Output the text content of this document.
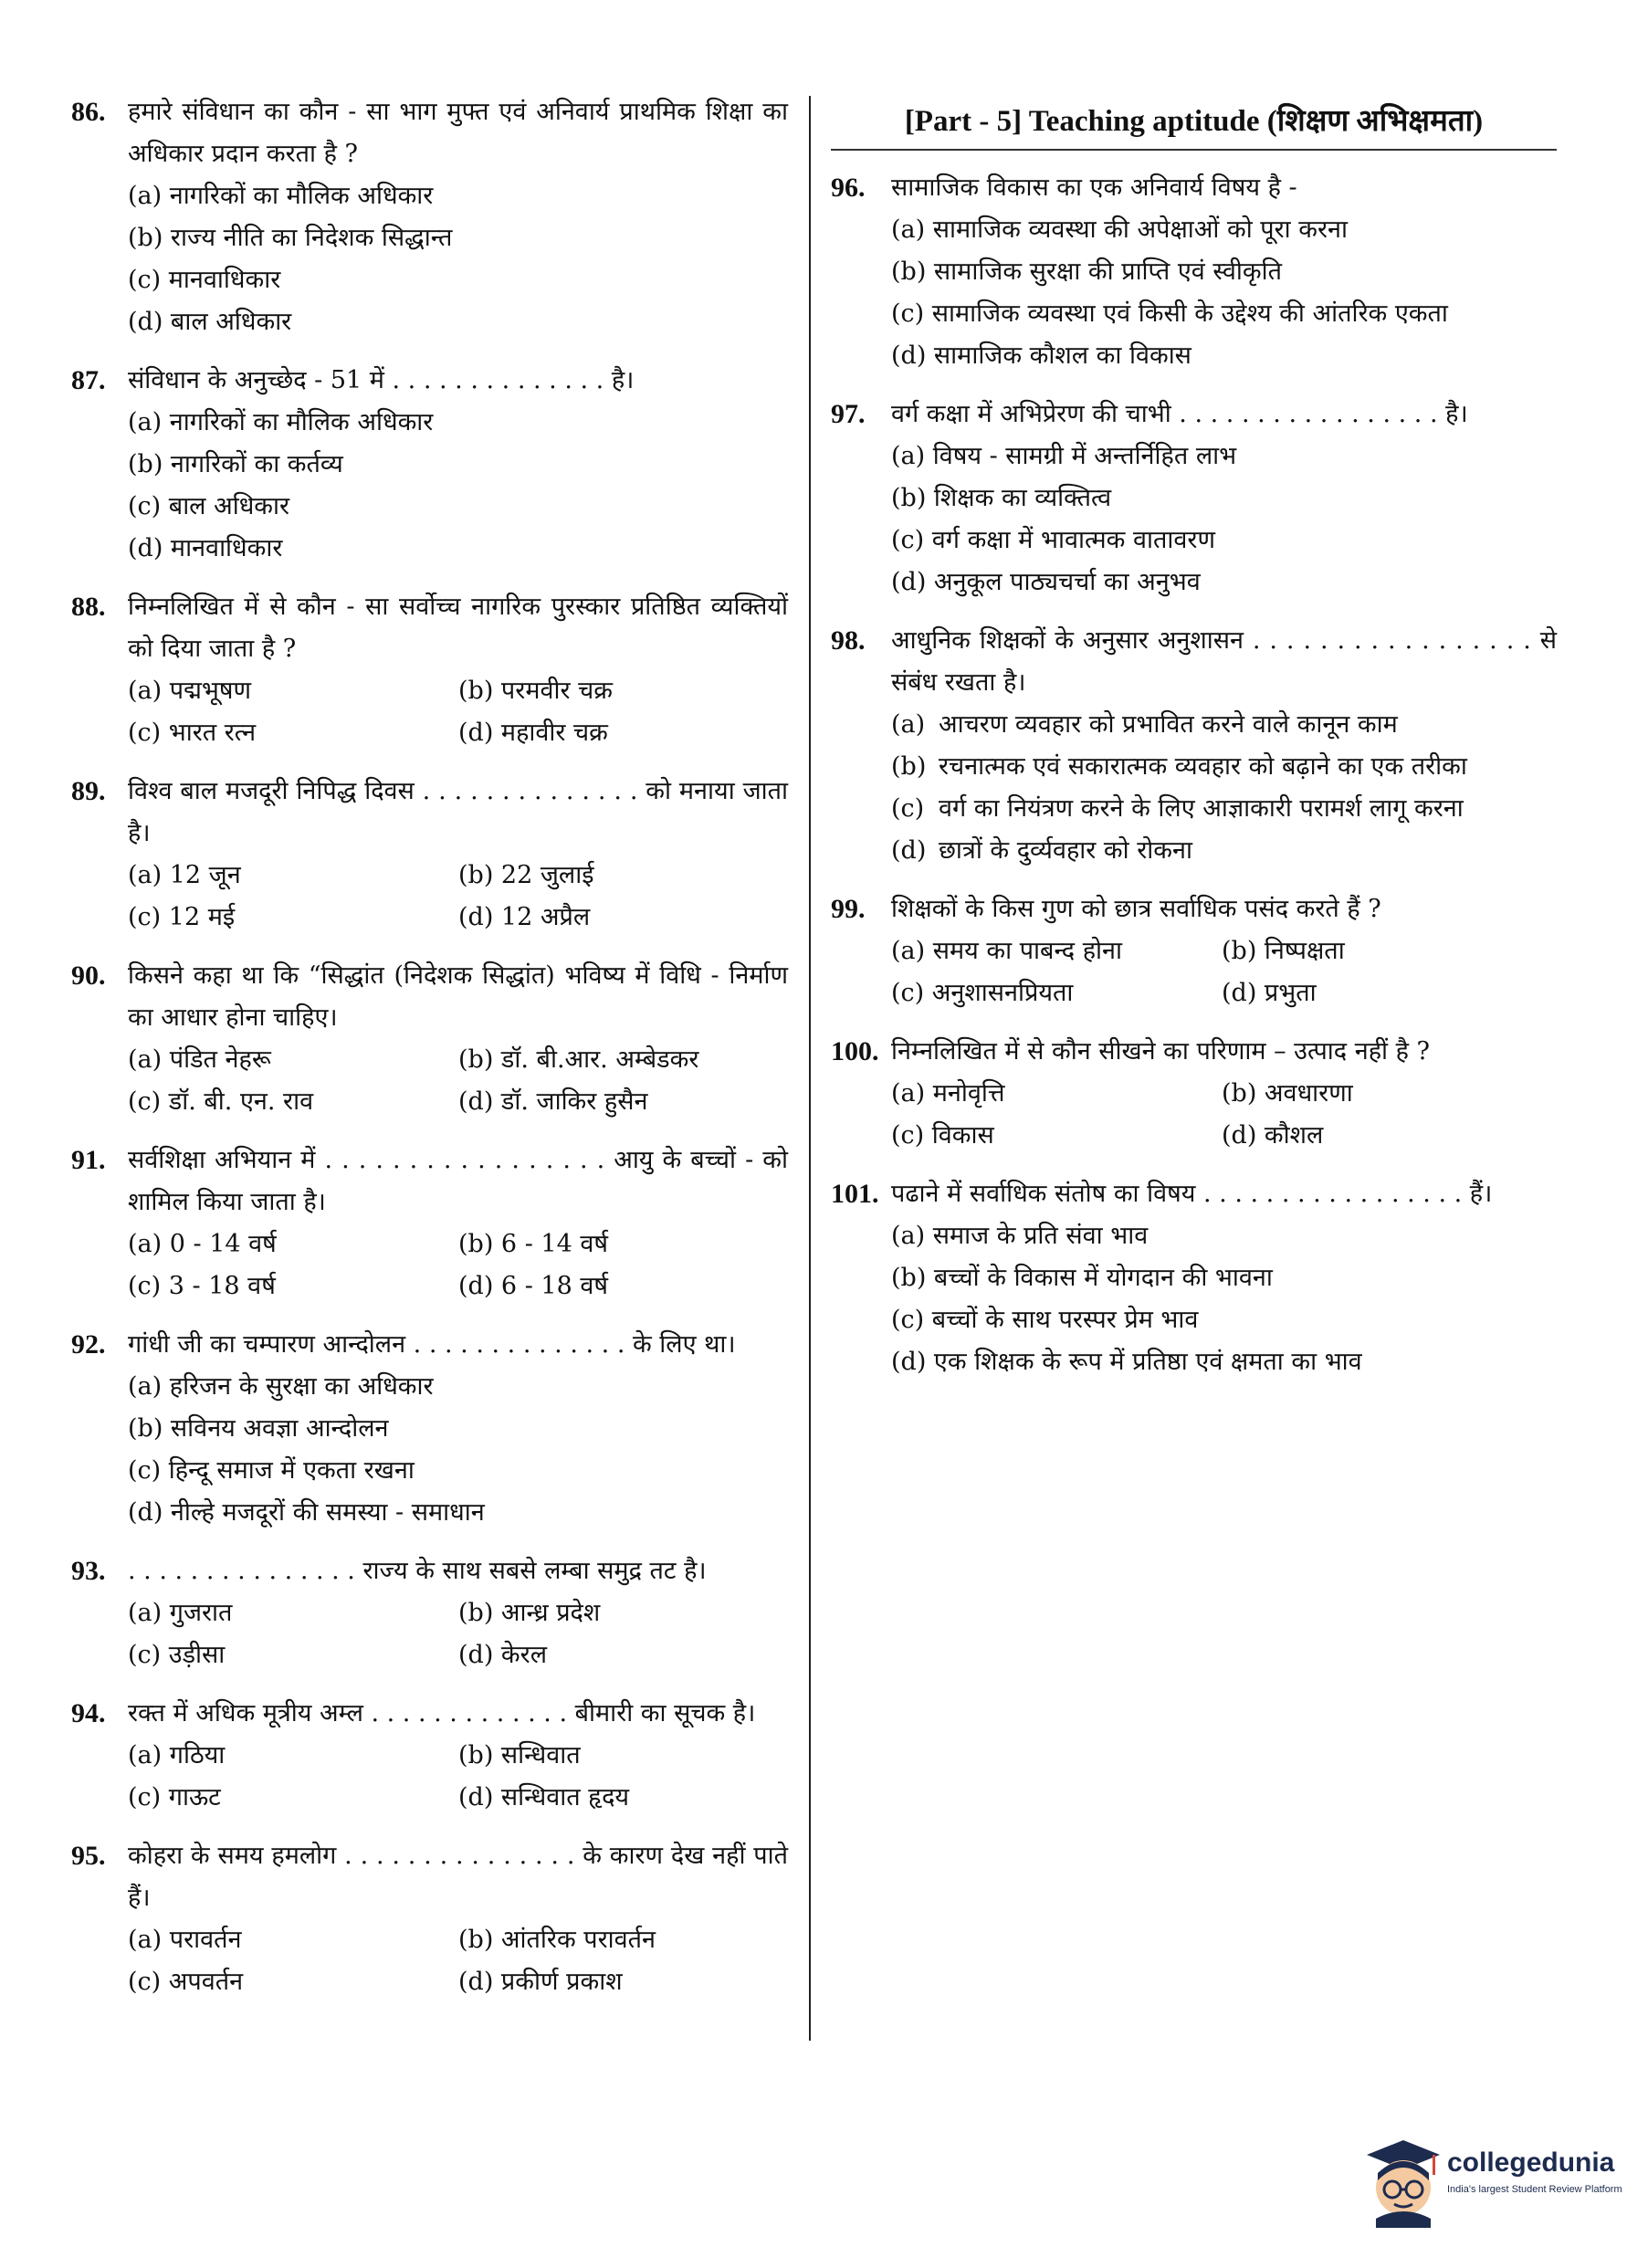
86. हमारे संविधान का कौन - सा भाग मुफ्त एवं अनिवार्य प्राथमिक शिक्षा का अधिकार प्रदान करता है ?
(a) नागरिकों का मौलिक अधिकार
(b) राज्य नीति का निदेशक सिद्धान्त
(c) मानवाधिकार
(d) बाल अधिकार
87. संविधान के अनुच्छेद - 51 में . . . . . . . . . . . . . . है।
(a) नागरिकों का मौलिक अधिकार
(b) नागरिकों का कर्तव्य
(c) बाल अधिकार
(d) मानवाधिकार
88. निम्नलिखित में से कौन - सा सर्वोच्च नागरिक पुरस्कार प्रतिष्ठित व्यक्तियों को दिया जाता है ?
(a) पद्मभूषण	(b) परमवीर चक्र
(c) भारत रत्न	(d) महावीर चक्र
89. विश्व बाल मजदूरी निपिद्ध दिवस . . . . . . . . . . . . . . को मनाया जाता है।
(a) 12 जून	(b) 22 जुलाई
(c) 12 मई	(d) 12 अप्रैल
90. किसने कहा था कि “सिद्धांत (निदेशक सिद्धांत) भविष्य में विधि - निर्माण का आधार होना चाहिए।
(a) पंडित नेहरू	(b) डॉ. बी.आर. अम्बेडकर
(c) डॉ. बी. एन. राव	(d) डॉ. जाकिर हुसैन
91. सर्वशिक्षा अभियान में . . . . . . . . . . . . . . . . . आयु के बच्चों - को शामिल किया जाता है।
(a) 0 - 14 वर्ष	(b) 6 - 14 वर्ष
(c) 3 - 18 वर्ष	(d) 6 - 18 वर्ष
92. गांधी जी का चम्पारण आन्दोलन . . . . . . . . . . . . . . के लिए था।
(a) हरिजन के सुरक्षा का अधिकार
(b) सविनय अवज्ञा आन्दोलन
(c) हिन्दू समाज में एकता रखना
(d) नील्हे मजदूरों की समस्या - समाधान
93. . . . . . . . . . . . . . . . राज्य के साथ सबसे लम्बा समुद्र तट है।
(a) गुजरात	(b) आन्ध्र प्रदेश
(c) उड़ीसा	(d) केरल
94. रक्त में अधिक मूत्रीय अम्ल . . . . . . . . . . . . . बीमारी का सूचक है।
(a) गठिया	(b) सन्धिवात
(c) गाऊट	(d) सन्धिवात हृदय
95. कोहरा के समय हमलोग . . . . . . . . . . . . . . . के कारण देख नहीं पाते हैं।
(a) परावर्तन	(b) आंतरिक परावर्तन
(c) अपवर्तन	(d) प्रकीर्ण प्रकाश
[Part - 5] Teaching aptitude (शिक्षण अभिक्षमता)
96.	सामाजिक विकास का एक अनिवार्य विषय है -
(a) सामाजिक व्यवस्था की अपेक्षाओं को पूरा करना
(b) सामाजिक सुरक्षा की प्राप्ति एवं स्वीकृति
(c) सामाजिक व्यवस्था एवं किसी के उद्देश्य की आंतरिक एकता
(d) सामाजिक कौशल का विकास
97.	वर्ग कक्षा में अभिप्रेरण की चाभी . . . . . . . . . . . . . . . . . है।
(a) विषय - सामग्री में अन्तर्निहित लाभ
(b) शिक्षक का व्यक्तित्व
(c) वर्ग कक्षा में भावात्मक वातावरण
(d) अनुकूल पाठ्यचर्चा का अनुभव
98.	आधुनिक शिक्षकों के अनुसार अनुशासन . . . . . . . . . . . . . . . . . से संबंध रखता है।
(a) आचरण व्यवहार को प्रभावित करने वाले कानून काम
(b) रचनात्मक एवं सकारात्मक व्यवहार को बढ़ाने का एक तरीका
(c) वर्ग का नियंत्रण करने के लिए आज्ञाकारी परामर्श लागू करना
(d) छात्रों के दुर्व्यवहार को रोकना
99.	शिक्षकों के किस गुण को छात्र सर्वाधिक पसंद करते हैं ?
(a) समय का पाबन्द होना	(b) निष्पक्षता
(c) अनुशासनप्रियता	(d) प्रभुता
100. निम्नलिखित में से कौन सीखने का परिणाम – उत्पाद नहीं है ?
(a) मनोवृत्ति	(b) अवधारणा
(c) विकास	(d) कौशल
101. पढाने में सर्वाधिक संतोष का विषय . . . . . . . . . . . . . . . . . हैं।
(a) समाज के प्रति संवा भाव
(b) बच्चों के विकास में योगदान की भावना
(c) बच्चों के साथ परस्पर प्रेम भाव
(d) एक शिक्षक के रूप में प्रतिष्ठा एवं क्षमता का भाव
collegedunia
India's largest Student Review Platform
